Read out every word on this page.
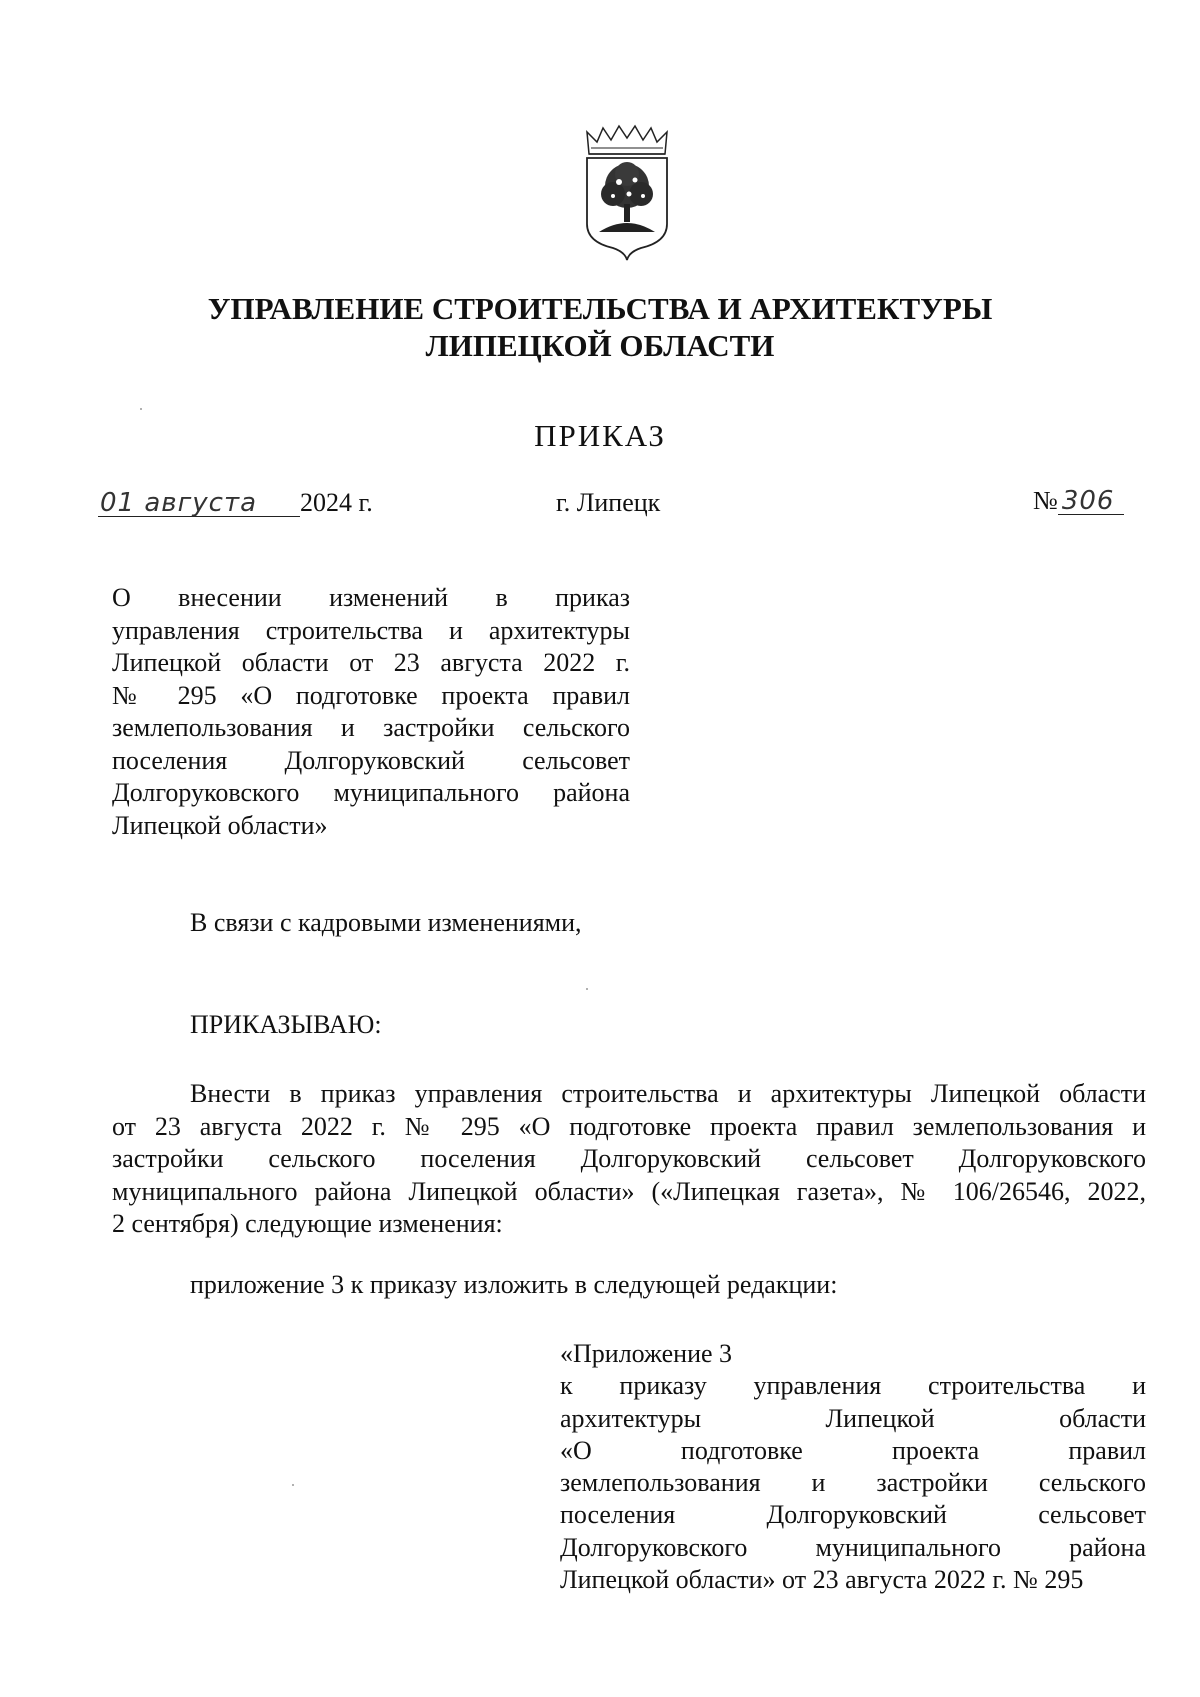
УПРАВЛЕНИЕ СТРОИТЕЛЬСТВА И АРХИТЕКТУРЫ
ЛИПЕЦКОЙ ОБЛАСТИ
ПРИКАЗ
01 августа 2024 г.	г. Липецк	№ 306
О внесении изменений в приказ
управления строительства и архитектуры
Липецкой области от 23 августа 2022 г.
№ 295 «О подготовке проекта правил
землепользования и застройки сельского
поселения Долгоруковский сельсовет
Долгоруковского муниципального района
Липецкой области»
В связи с кадровыми изменениями,
ПРИКАЗЫВАЮ:
Внести в приказ управления строительства и архитектуры Липецкой области
от 23 августа 2022 г. № 295 «О подготовке проекта правил землепользования и
застройки сельского поселения Долгоруковский сельсовет Долгоруковского
муниципального района Липецкой области» («Липецкая газета», № 106/26546, 2022,
2 сентября) следующие изменения:
приложение 3 к приказу изложить в следующей редакции:
«Приложение 3
к приказу управления строительства и
архитектуры Липецкой области
«О подготовке проекта правил
землепользования и застройки сельского
поселения Долгоруковский сельсовет
Долгоруковского муниципального района
Липецкой области» от 23 августа 2022 г. № 295
